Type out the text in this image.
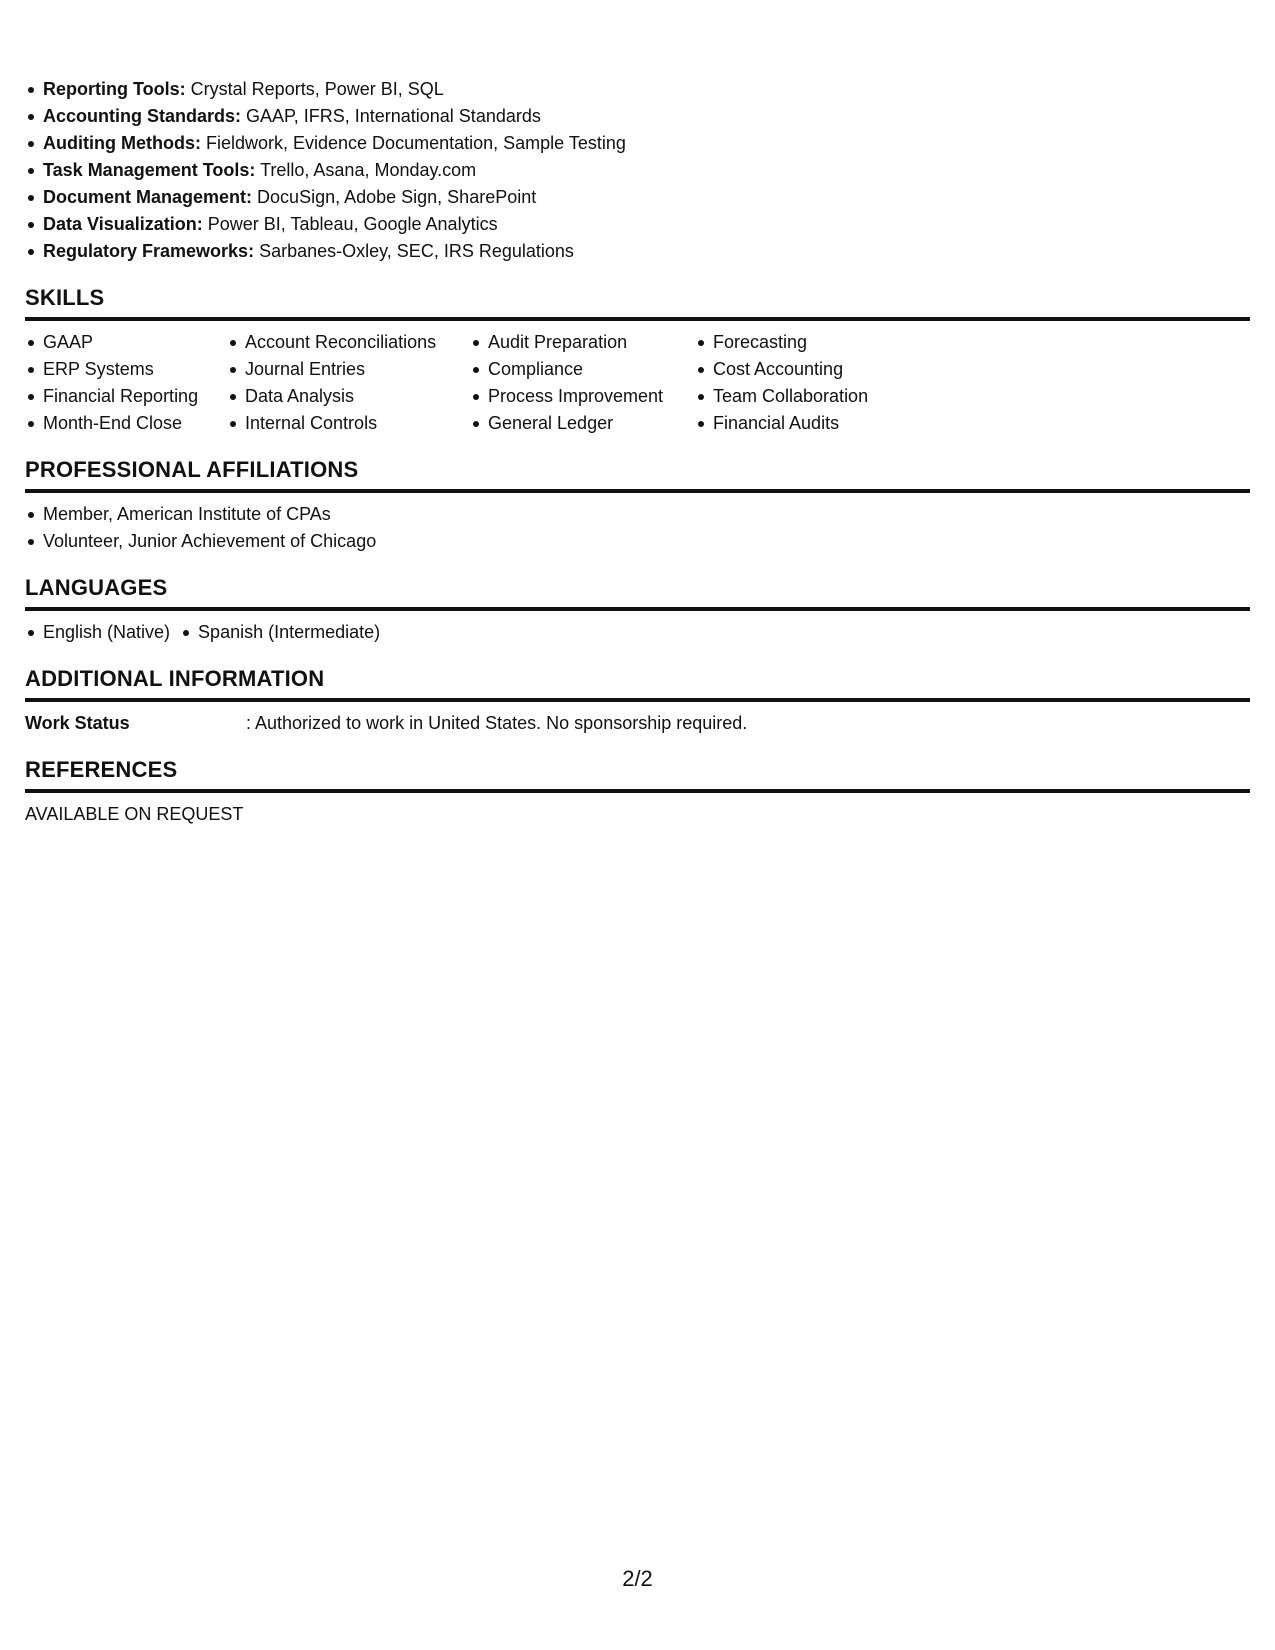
Reporting Tools: Crystal Reports, Power BI, SQL
Accounting Standards: GAAP, IFRS, International Standards
Auditing Methods: Fieldwork, Evidence Documentation, Sample Testing
Task Management Tools: Trello, Asana, Monday.com
Document Management: DocuSign, Adobe Sign, SharePoint
Data Visualization: Power BI, Tableau, Google Analytics
Regulatory Frameworks: Sarbanes-Oxley, SEC, IRS Regulations
SKILLS
GAAP
ERP Systems
Financial Reporting
Month-End Close
Account Reconciliations
Journal Entries
Data Analysis
Internal Controls
Audit Preparation
Compliance
Process Improvement
General Ledger
Forecasting
Cost Accounting
Team Collaboration
Financial Audits
PROFESSIONAL AFFILIATIONS
Member, American Institute of CPAs
Volunteer, Junior Achievement of Chicago
LANGUAGES
English (Native) Spanish (Intermediate)
ADDITIONAL INFORMATION
Work Status	: Authorized to work in United States. No sponsorship required.
REFERENCES
AVAILABLE ON REQUEST
2/2
